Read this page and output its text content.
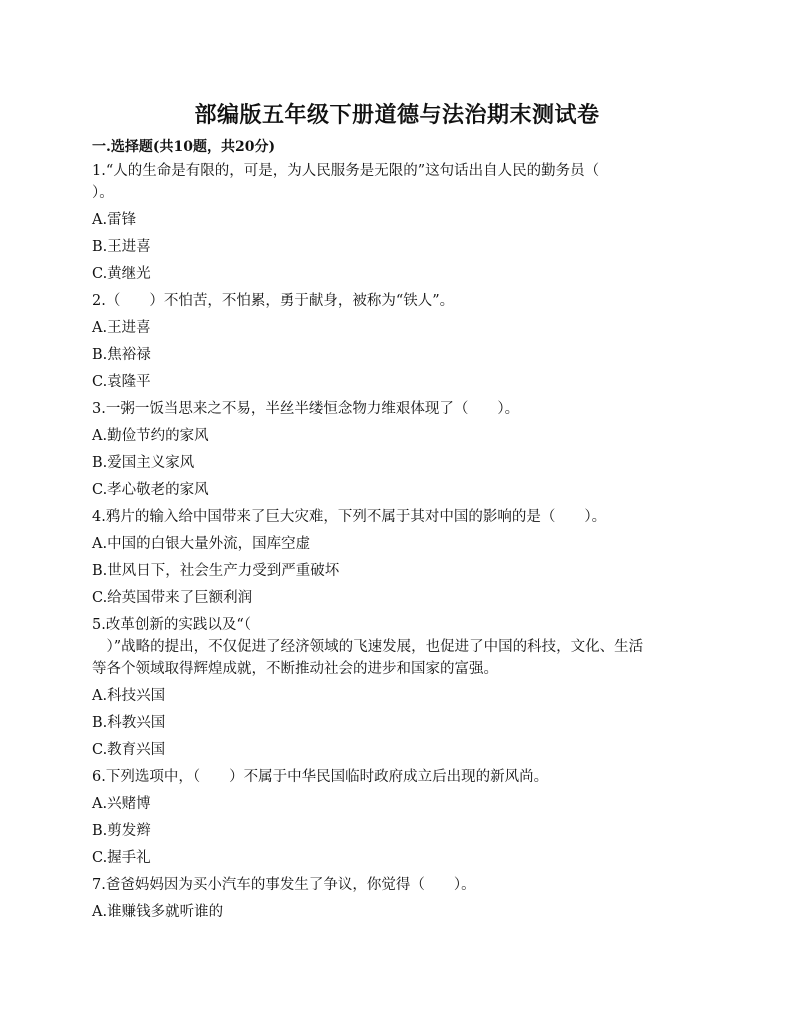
部编版五年级下册道德与法治期末测试卷
一.选择题(共10题，共20分)
1.“人的生命是有限的，可是，为人民服务是无限的”这句话出自人民的勤务员（
）。
A.雷锋
B.王进喜
C.黄继光
2.（　　）不怕苦，不怕累，勇于献身，被称为“铁人”。
A.王进喜
B.焦裕禄
C.袁隆平
3.一粥一饭当思来之不易，半丝半缕恒念物力维艰体现了（　　）。
A.勤俭节约的家风
B.爱国主义家风
C.孝心敬老的家风
4.鸦片的输入给中国带来了巨大灾难，下列不属于其对中国的影响的是（　　）。
A.中国的白银大量外流，国库空虚
B.世风日下，社会生产力受到严重破坏
C.给英国带来了巨额利润
5.改革创新的实践以及“（
　）”战略的提出，不仅促进了经济领域的飞速发展，也促进了中国的科技，文化、生活
等各个领域取得辉煌成就，不断推动社会的进步和国家的富强。
A.科技兴国
B.科教兴国
C.教育兴国
6.下列选项中，（　　）不属于中华民国临时政府成立后出现的新风尚。
A.兴赌博
B.剪发辫
C.握手礼
7.爸爸妈妈因为买小汽车的事发生了争议，你觉得（　　）。
A.谁赚钱多就听谁的
